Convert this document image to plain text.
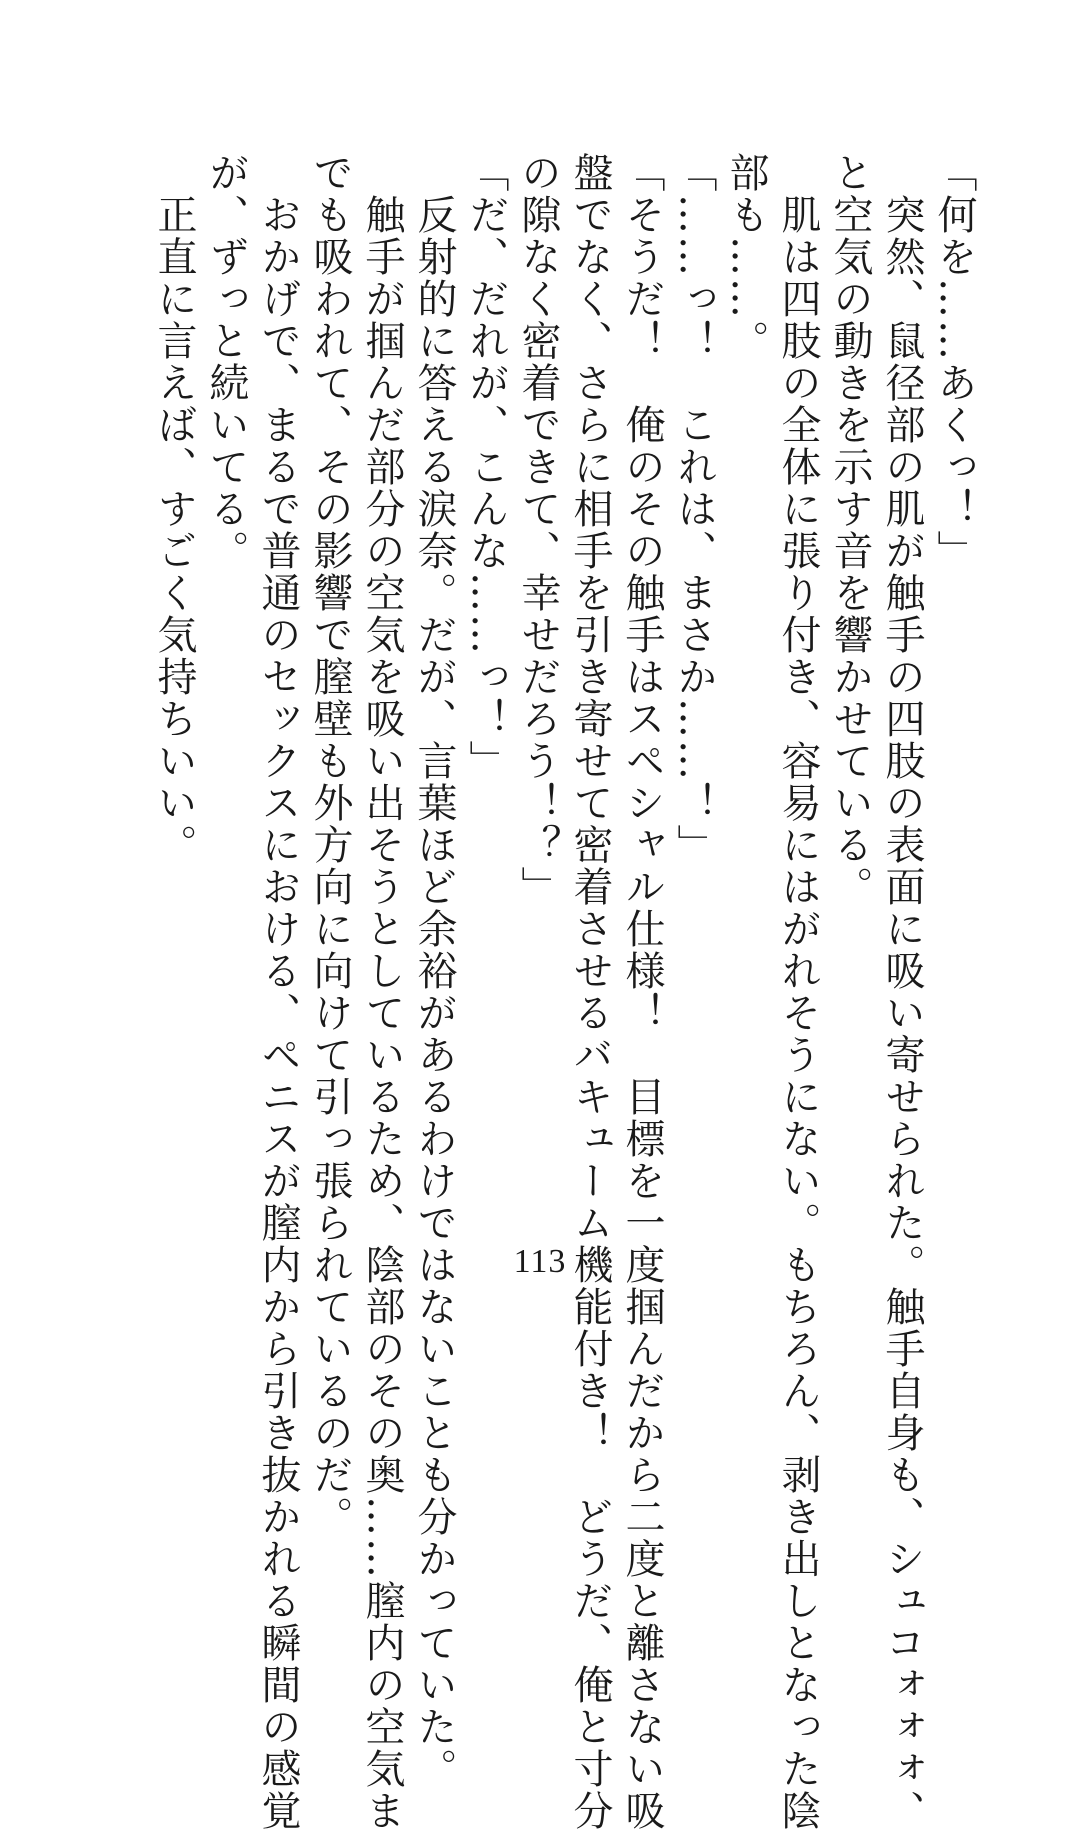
「何を……あくっ！」
　突然、鼠径部の肌が触手の四肢の表面に吸い寄せられた。触手自身も、シュコォォォ、
と空気の動きを示す音を響かせている。
　肌は四肢の全体に張り付き、容易にはがれそうにない。もちろん、剥き出しとなった陰
部も……。
「……っ！　これは、まさか……！」
「そうだ！　俺のその触手はスペシャル仕様！　目標を一度掴んだから二度と離さない吸
盤でなく、さらに相手を引き寄せて密着させるバキューム機能付き！　どうだ、俺と寸分
の隙なく密着できて、幸せだろう！？」
「だ、だれが、こんな……っ！」
　反射的に答える涙奈。だが、言葉ほど余裕があるわけではないことも分かっていた。
　触手が掴んだ部分の空気を吸い出そうとしているため、陰部のその奥……膣内の空気ま
でも吸われて、その影響で膣壁も外方向に向けて引っ張られているのだ。
　おかげで、まるで普通のセックスにおける、ペニスが膣内から引き抜かれる瞬間の感覚
が、ずっと続いてる。
　正直に言えば、すごく気持ちいい。
113
